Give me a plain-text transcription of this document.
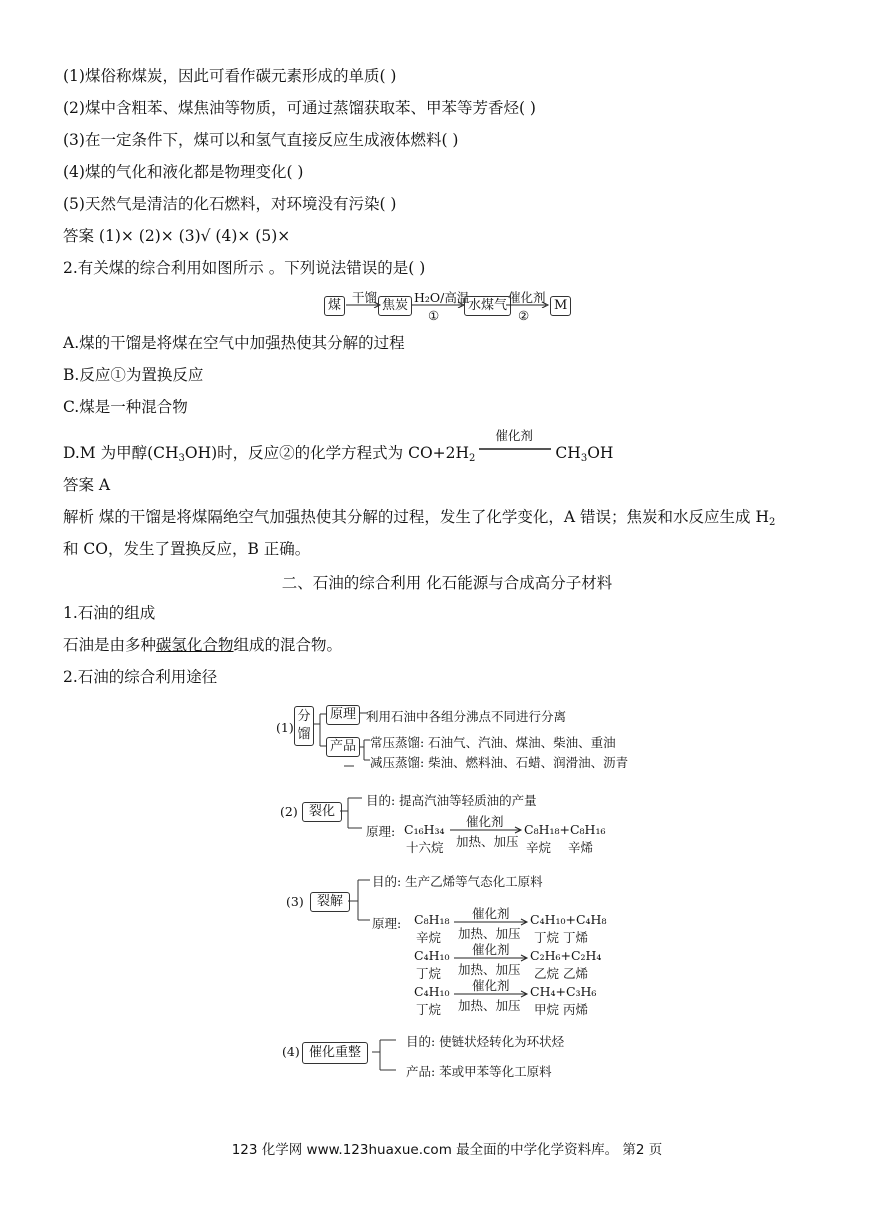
(1)煤俗称煤炭，因此可看作碳元素形成的单质( )
(2)煤中含粗苯、煤焦油等物质，可通过蒸馏获取苯、甲苯等芳香烃( )
(3)在一定条件下，煤可以和氢气直接反应生成液体燃料( )
(4)煤的气化和液化都是物理变化( )
(5)天然气是清洁的化石燃料，对环境没有污染( )
答案 (1)× (2)× (3)√ (4)× (5)×
2.有关煤的综合利用如图所示 。下列说法错误的是( )
煤
干馏
焦炭
H₂O/高温
①
水煤气
催化剂
②
M
A.煤的干馏是将煤在空气中加强热使其分解的过程
B.反应①为置换反应
C.煤是一种混合物
D.M 为甲醇$(CH_3OH)$时，反应②的化学方程式为 $CO+2H_2$
催化剂
$CH_3OH$
答案 A
解析 煤的干馏是将煤隔绝空气加强热使其分解的过程，发生了化学变化，A 错误；焦炭和水反应生成 $H_2$
和 CO，发生了置换反应，B 正确。
二、石油的综合利用 化石能源与合成高分子材料
1.石油的组成
石油是由多种碳氢化合物组成的混合物。
2.石油的综合利用途径
(1)
分馏
原理 利用石油中各组分沸点不同进行分离
产品	常压蒸馏: 石油气、汽油、煤油、柴油、重油
减压蒸馏: 柴油、燃料油、石蜡、润滑油、沥青
(2) 裂化
目的: 提高汽油等轻质油的产量
原理: C₁₆H₃₄
十六烷
催化剂
加热、加压
C₈H₁₈+C₈H₁₆
辛烷 辛烯
(3)	裂解
目的: 生产乙烯等气态化工原料
原理: C₈H₁₈
辛烷
催化剂
加热、加压
C₄H₁₀+C₄H₈
丁烷 丁烯
C₄H₁₀
丁烷
催化剂
加热、加压
C₂H₆+C₂H₄
乙烷 乙烯
C₄H₁₀
丁烷
催化剂
加热、加压
CH₄+C₃H₆
甲烷 丙烯
(4) 催化重整
目的: 使链状烃转化为环状烃
产品: 苯或甲苯等化工原料
123 化学网 www.123huaxue.com 最全面的中学化学资料库。 第2 页
